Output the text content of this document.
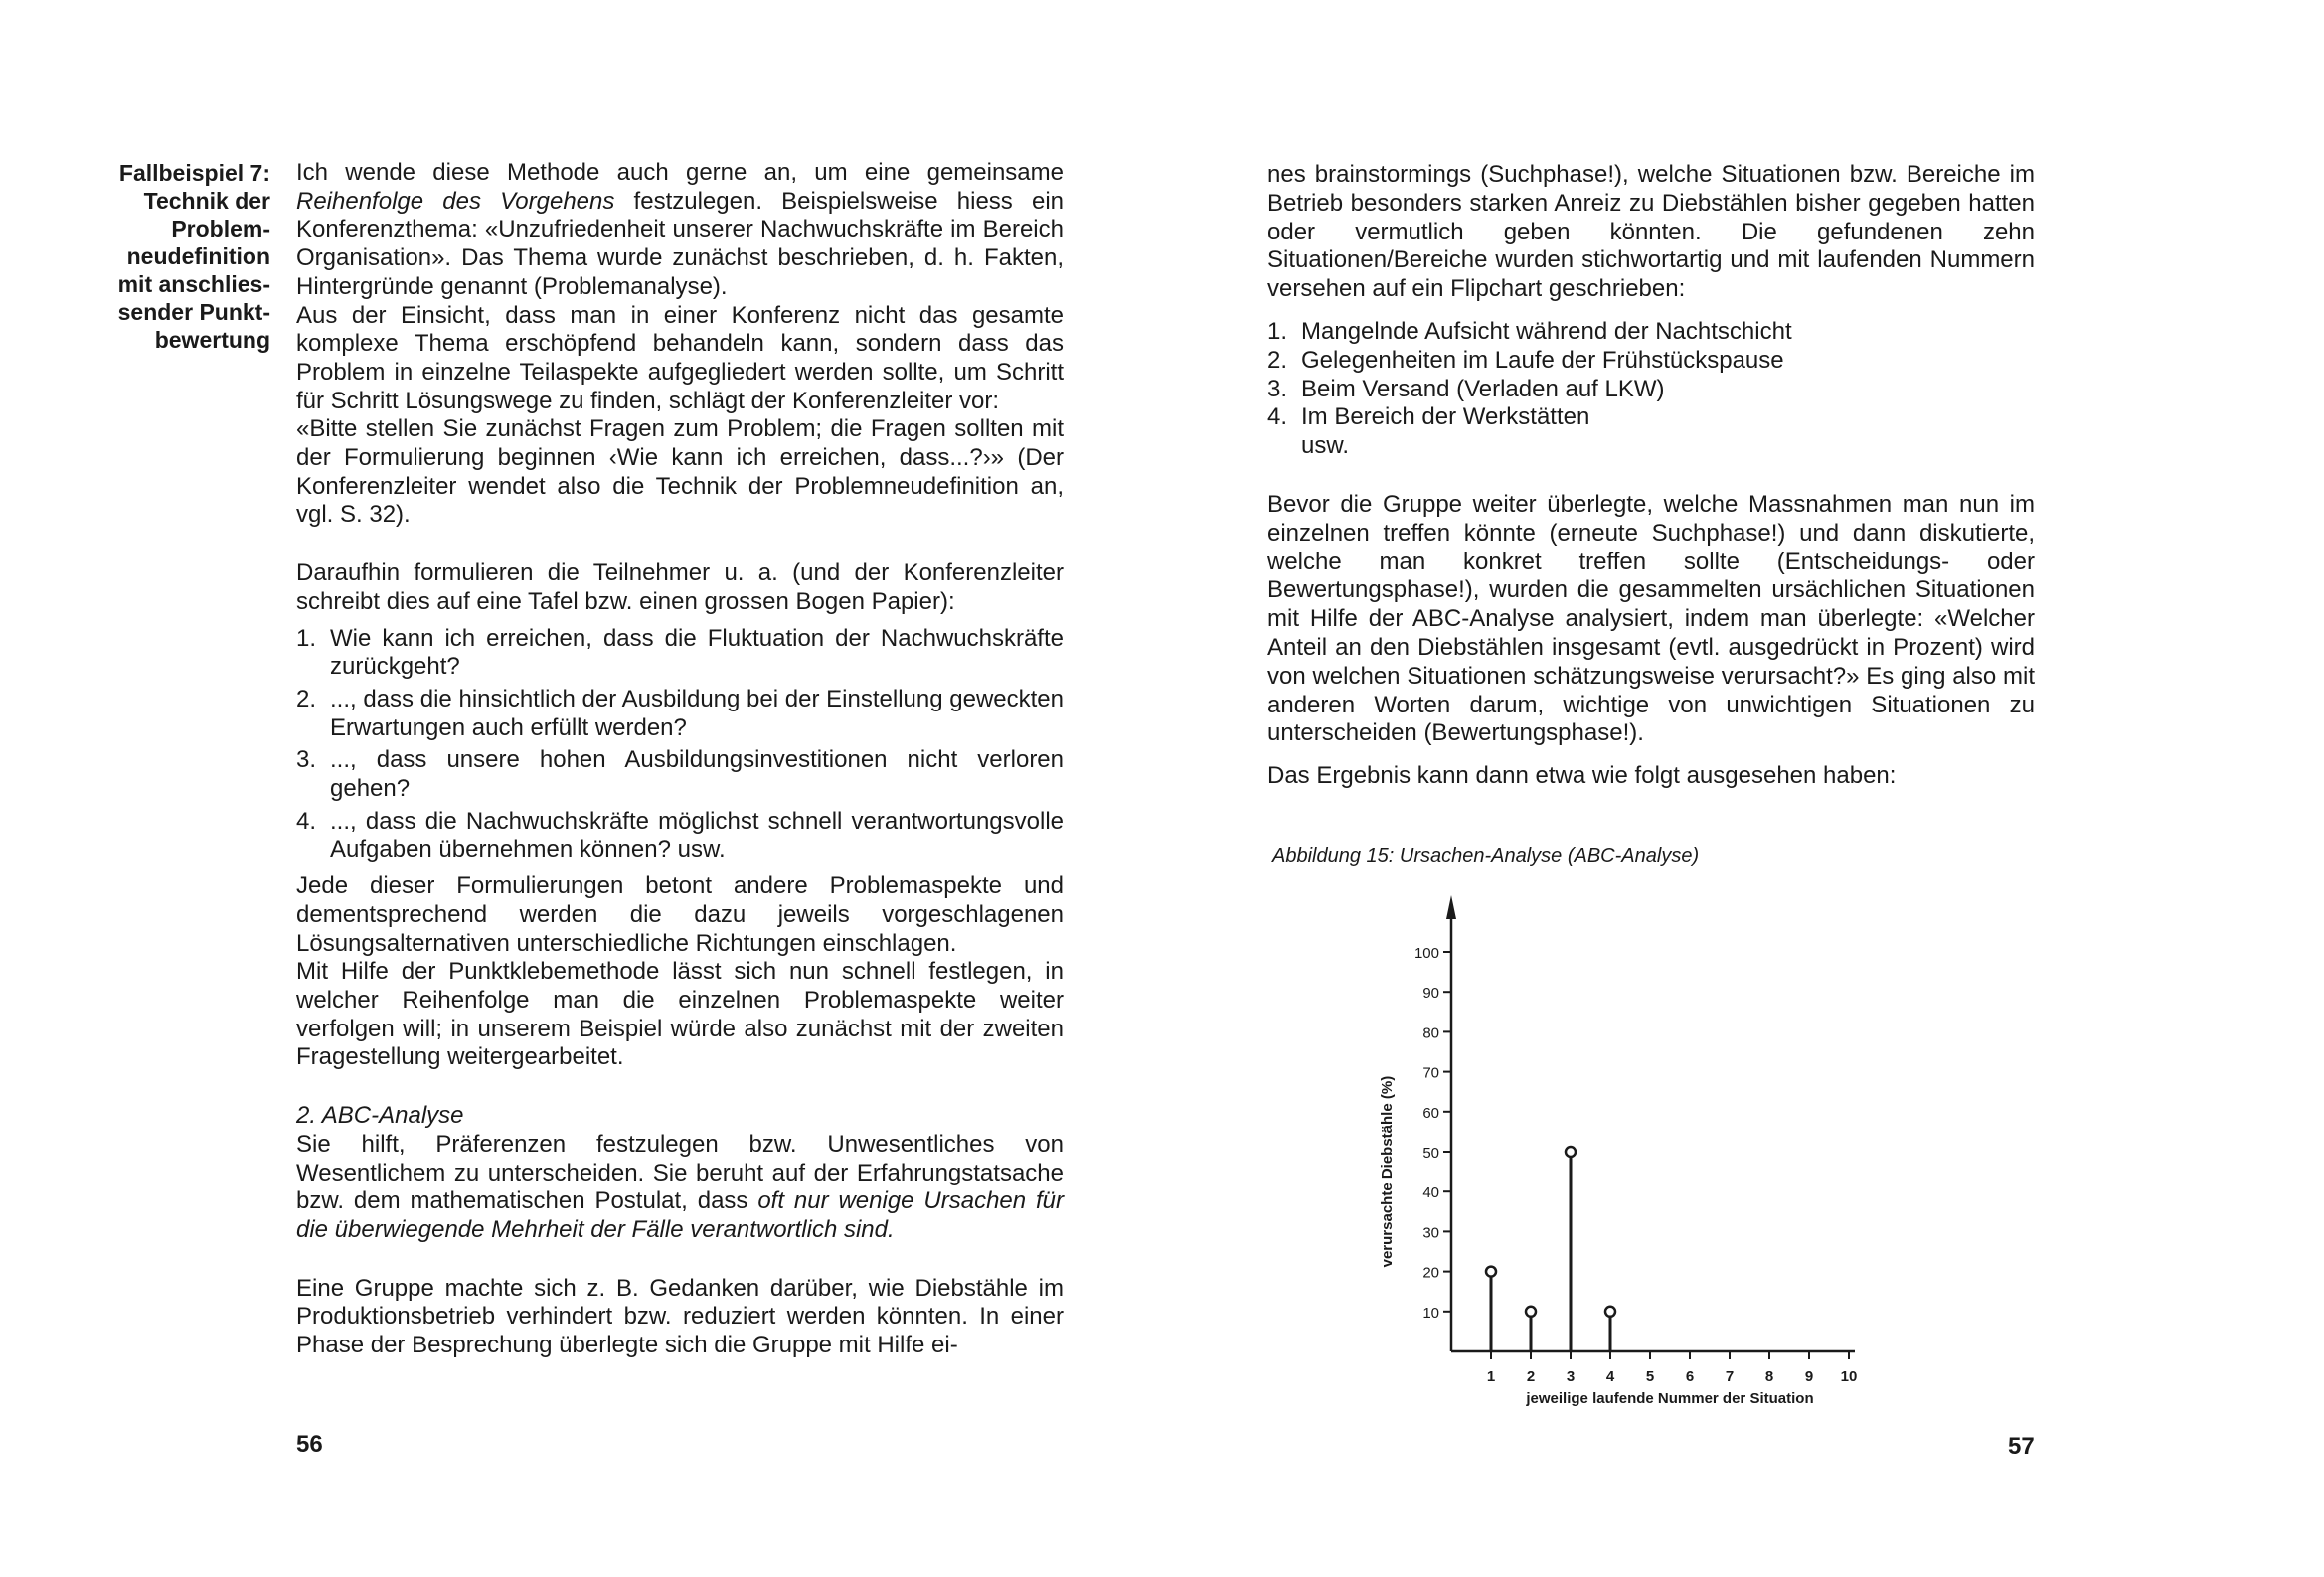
Fallbeispiel 7:
Technik der
Problem-
neudefinition
mit anschlies-
sender Punkt-
bewertung

Ich wende diese Methode auch gerne an, um eine gemeinsame Reihenfolge des Vorgehens festzulegen. Beispielsweise hiess ein Konferenzthema: «Unzufriedenheit unserer Nachwuchskräfte im Bereich Organisation». Das Thema wurde zunächst beschrieben, d. h. Fakten, Hintergründe genannt (Problemanalyse).

Aus der Einsicht, dass man in einer Konferenz nicht das gesamte komplexe Thema erschöpfend behandeln kann, sondern dass das Problem in einzelne Teilaspekte aufgegliedert werden sollte, um Schritt für Schritt Lösungswege zu finden, schlägt der Konferenzleiter vor:

«Bitte stellen Sie zunächst Fragen zum Problem; die Fragen sollten mit der Formulierung beginnen ‹Wie kann ich erreichen, dass...?›» (Der Konferenzleiter wendet also die Technik der Problemneudefinition an, vgl. S. 32).

Daraufhin formulieren die Teilnehmer u. a. (und der Konferenzleiter schreibt dies auf eine Tafel bzw. einen grossen Bogen Papier):

1. Wie kann ich erreichen, dass die Fluktuation der Nachwuchskräfte zurückgeht?
2. ..., dass die hinsichtlich der Ausbildung bei der Einstellung geweckten Erwartungen auch erfüllt werden?
3. ..., dass unsere hohen Ausbildungsinvestitionen nicht verloren gehen?
4. ..., dass die Nachwuchskräfte möglichst schnell verantwortungsvolle Aufgaben übernehmen können? usw.

Jede dieser Formulierungen betont andere Problemaspekte und dementsprechend werden die dazu jeweils vorgeschlagenen Lösungsalternativen unterschiedliche Richtungen einschlagen.

Mit Hilfe der Punktklebemethode lässt sich nun schnell festlegen, in welcher Reihenfolge man die einzelnen Problemaspekte weiter verfolgen will; in unserem Beispiel würde also zunächst mit der zweiten Fragestellung weitergearbeitet.

2. ABC-Analyse

Sie hilft, Präferenzen festzulegen bzw. Unwesentliches von Wesentlichem zu unterscheiden. Sie beruht auf der Erfahrungstatsache bzw. dem mathematischen Postulat, dass oft nur wenige Ursachen für die überwiegende Mehrheit der Fälle verantwortlich sind.

Eine Gruppe machte sich z. B. Gedanken darüber, wie Diebstähle im Produktionsbetrieb verhindert bzw. reduziert werden könnten. In einer Phase der Besprechung überlegte sich die Gruppe mit Hilfe ei-

56

nes brainstormings (Suchphase!), welche Situationen bzw. Bereiche im Betrieb besonders starken Anreiz zu Diebstählen bisher gegeben hatten oder vermutlich geben könnten. Die gefundenen zehn Situationen/Bereiche wurden stichwortartig und mit laufenden Nummern versehen auf ein Flipchart geschrieben:

1. Mangelnde Aufsicht während der Nachtschicht
2. Gelegenheiten im Laufe der Frühstückspause
3. Beim Versand (Verladen auf LKW)
4. Im Bereich der Werkstätten
usw.

Bevor die Gruppe weiter überlegte, welche Massnahmen man nun im einzelnen treffen könnte (erneute Suchphase!) und dann diskutierte, welche man konkret treffen sollte (Entscheidungs- oder Bewertungsphase!), wurden die gesammelten ursächlichen Situationen mit Hilfe der ABC-Analyse analysiert, indem man überlegte: «Welcher Anteil an den Diebstählen insgesamt (evtl. ausgedrückt in Prozent) wird von welchen Situationen schätzungsweise verursacht?» Es ging also mit anderen Worten darum, wichtige von unwichtigen Situationen zu unterscheiden (Bewertungsphase!).

Das Ergebnis kann dann etwa wie folgt ausgesehen haben:

Abbildung 15: Ursachen-Analyse (ABC-Analyse)
10
20
30
40
50
60
70
80
90
100
1 2 3 4 5 6 7 8 9 10
jeweilige laufende Nummer der Situation
verursachte Diebstähle (%)
57
